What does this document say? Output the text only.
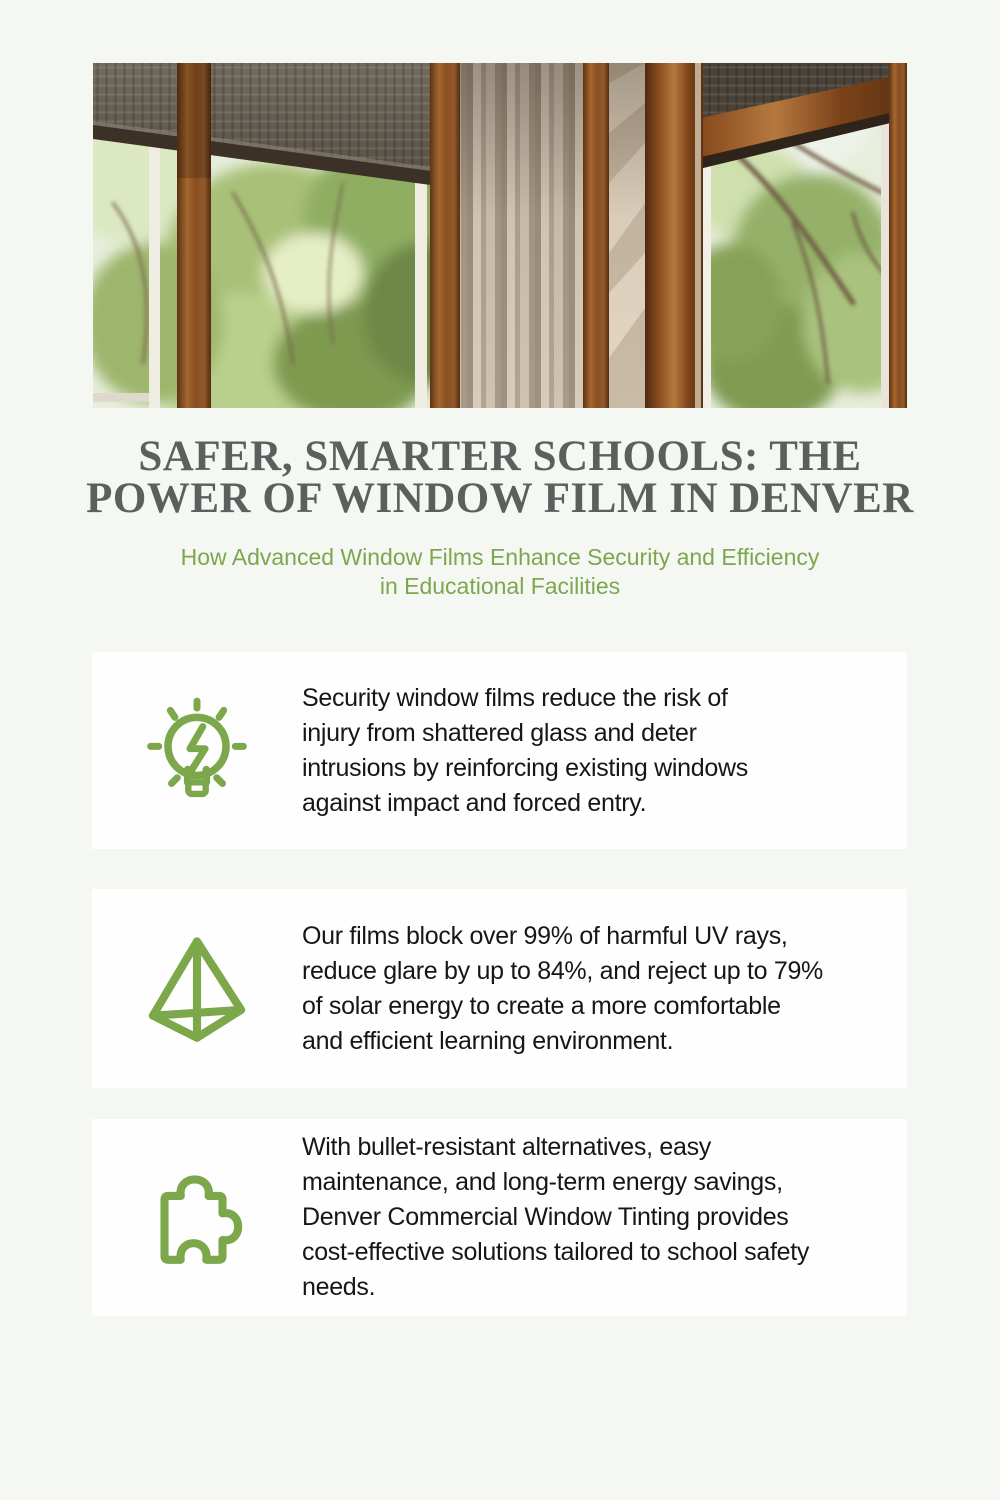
SAFER, SMARTER SCHOOLS: THE
POWER OF WINDOW FILM IN DENVER
How Advanced Window Films Enhance Security and Efficiency
in Educational Facilities
Security window films reduce the risk of
injury from shattered glass and deter
intrusions by reinforcing existing windows
against impact and forced entry.
Our films block over 99% of harmful UV rays,
reduce glare by up to 84%, and reject up to 79%
of solar energy to create a more comfortable
and efficient learning environment.
With bullet-resistant alternatives, easy
maintenance, and long-term energy savings,
Denver Commercial Window Tinting provides
cost-effective solutions tailored to school safety
needs.
